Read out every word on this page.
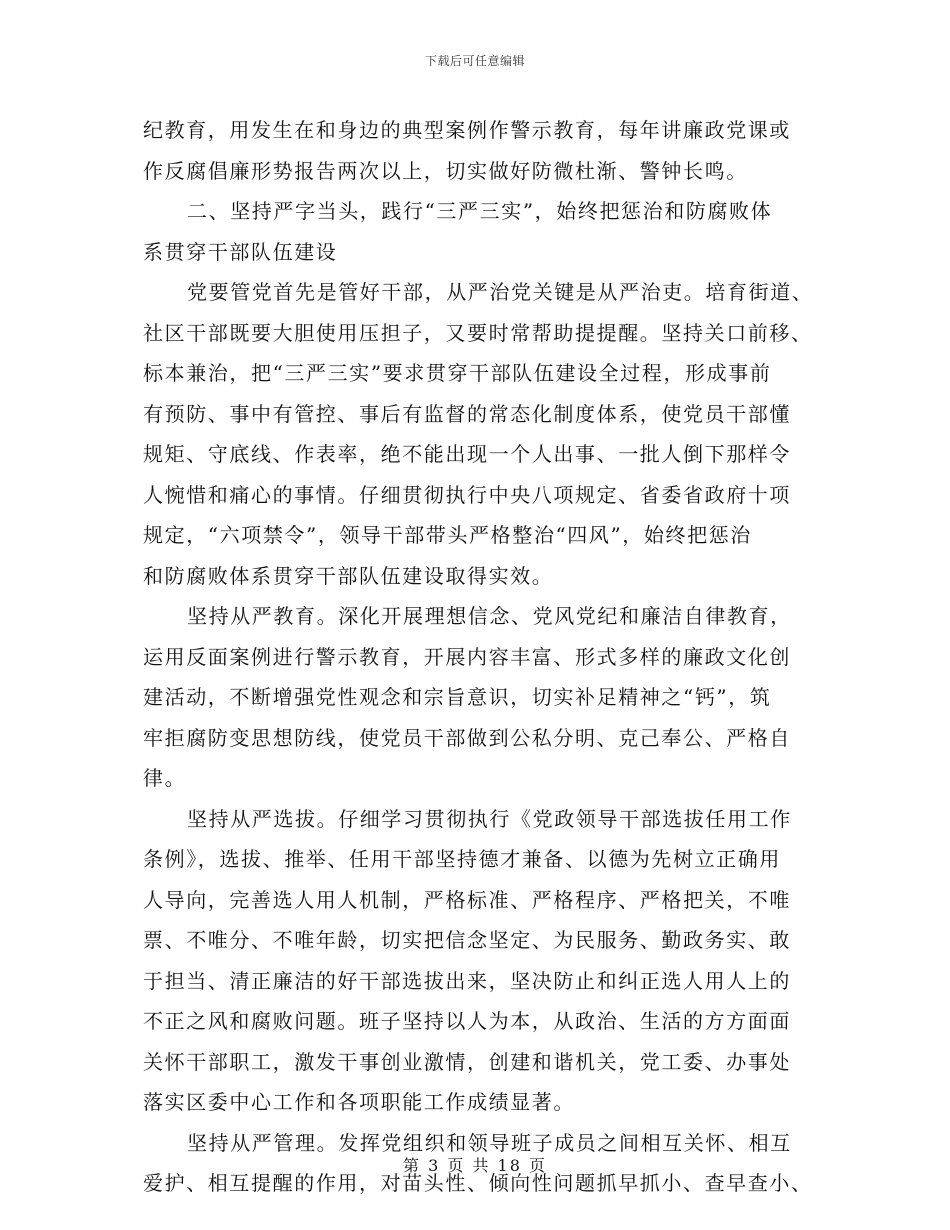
下载后可任意编辑
纪教育，用发生在和身边的典型案例作警示教育，每年讲廉政党课或
作反腐倡廉形势报告两次以上，切实做好防微杜渐、警钟长鸣。
二、坚持严字当头，践行“三严三实”，始终把惩治和防腐败体
系贯穿干部队伍建设
党要管党首先是管好干部，从严治党关键是从严治吏。培育街道、
社区干部既要大胆使用压担子，又要时常帮助提提醒。坚持关口前移、
标本兼治，把“三严三实”要求贯穿干部队伍建设全过程，形成事前
有预防、事中有管控、事后有监督的常态化制度体系，使党员干部懂
规矩、守底线、作表率，绝不能出现一个人出事、一批人倒下那样令
人惋惜和痛心的事情。仔细贯彻执行中央八项规定、省委省政府十项
规定，“六项禁令”，领导干部带头严格整治“四风”，始终把惩治
和防腐败体系贯穿干部队伍建设取得实效。
坚持从严教育。深化开展理想信念、党风党纪和廉洁自律教育，
运用反面案例进行警示教育，开展内容丰富、形式多样的廉政文化创
建活动，不断增强党性观念和宗旨意识，切实补足精神之“钙”，筑
牢拒腐防变思想防线，使党员干部做到公私分明、克己奉公、严格自
律。
坚持从严选拔。仔细学习贯彻执行《党政领导干部选拔任用工作
条例》，选拔、推举、任用干部坚持德才兼备、以德为先树立正确用
人导向，完善选人用人机制，严格标准、严格程序、严格把关，不唯
票、不唯分、不唯年龄，切实把信念坚定、为民服务、勤政务实、敢
于担当、清正廉洁的好干部选拔出来，坚决防止和纠正选人用人上的
不正之风和腐败问题。班子坚持以人为本，从政治、生活的方方面面
关怀干部职工，激发干事创业激情，创建和谐机关，党工委、办事处
落实区委中心工作和各项职能工作成绩显著。
坚持从严管理。发挥党组织和领导班子成员之间相互关怀、相互
爱护、相互提醒的作用，对苗头性、倾向性问题抓早抓小、查早查小、
第 3 页 共 18 页
